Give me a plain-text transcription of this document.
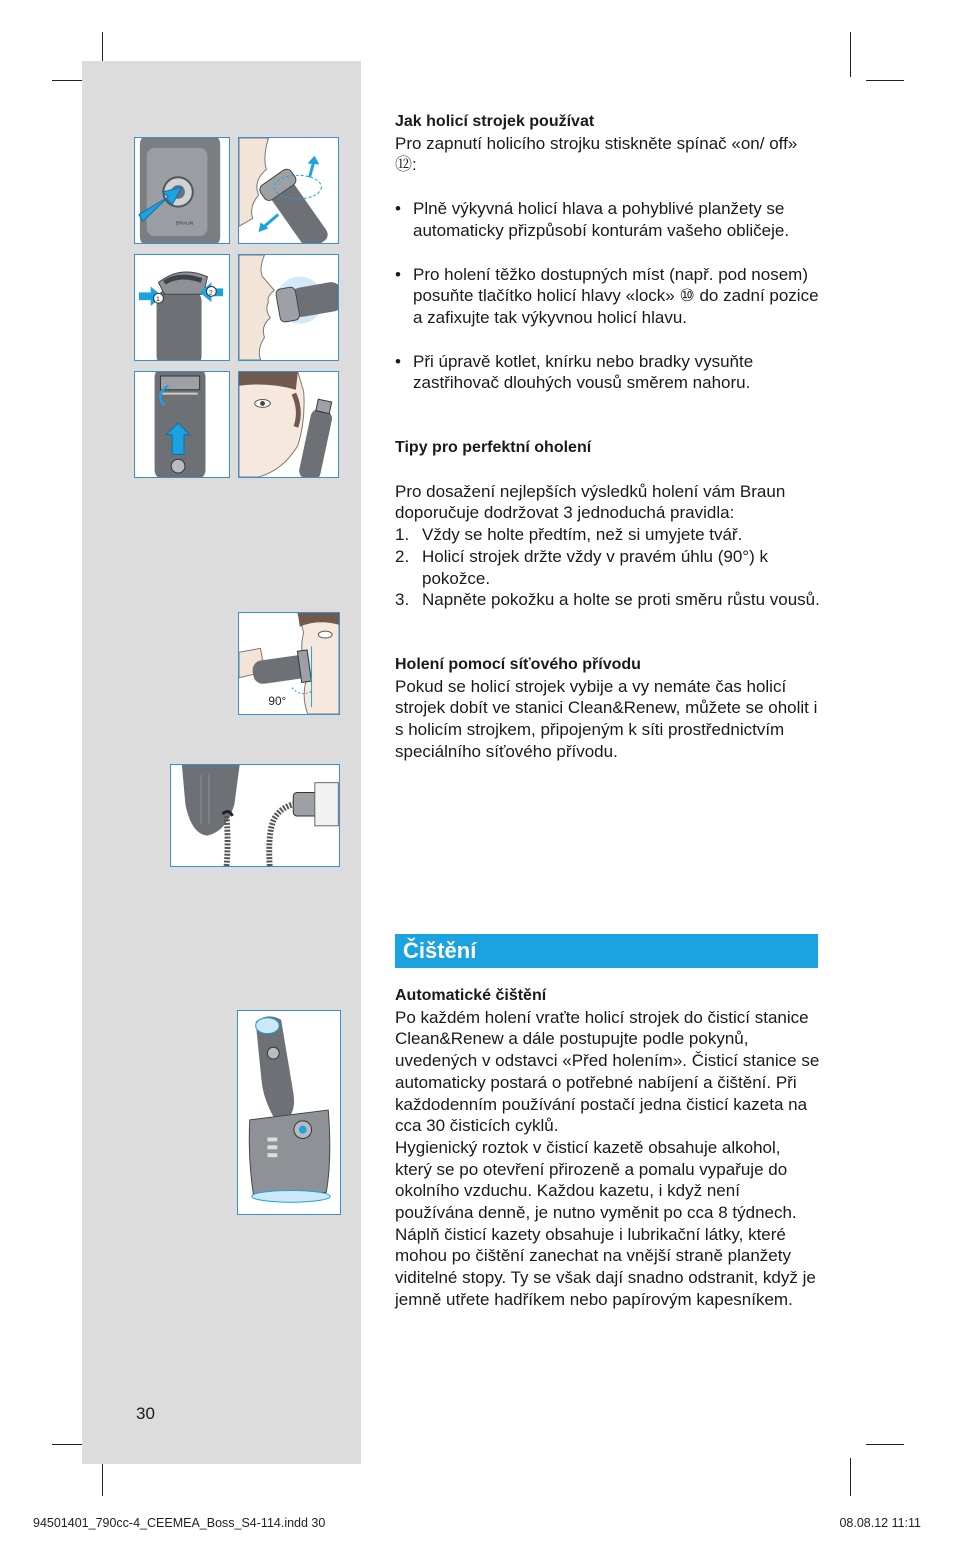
BRAUN
1
2
90°

Jak holicí strojek používat

Pro zapnutí holicího strojku stiskněte spínač «on/ off» ⑫:

• Plně výkyvná holicí hlava a pohyblivé planžety se automaticky přizpůsobí konturám vašeho obličeje.

• Pro holení těžko dostupných míst (např. pod nosem) posuňte tlačítko holicí hlavy «lock» ⑩ do zadní pozice a zafixujte tak výkyvnou holicí hlavu.

• Při úpravě kotlet, knírku nebo bradky vysuňte zastřihovač dlouhých vousů směrem nahoru.

Tipy pro perfektní oholení

Pro dosažení nejlepších výsledků holení vám Braun doporučuje dodržovat 3 jednoduchá pravidla:

1. Vždy se holte předtím, než si umyjete tvář.

2. Holicí strojek držte vždy v pravém úhlu (90°) k pokožce.

3. Napněte pokožku a holte se proti směru růstu vousů.

Holení pomocí síťového přívodu

Pokud se holicí strojek vybije a vy nemáte čas holicí strojek dobít ve stanici Clean&Renew, můžete se oholit i s holicím strojkem, připojeným k síti prostřednictvím speciálního síťového přívodu.

Čištění

Automatické čištění

Po každém holení vraťte holicí strojek do čisticí stanice Clean&Renew a dále postupujte podle pokynů, uvedených v odstavci «Před holením». Čisticí stanice se automaticky postará o potřebné nabíjení a čištění. Při každodenním používání postačí jedna čisticí kazeta na cca 30 čisticích cyklů.

Hygienický roztok v čisticí kazetě obsahuje alkohol, který se po otevření přirozeně a pomalu vypařuje do okolního vzduchu. Každou kazetu, i když není používána denně, je nutno vyměnit po cca 8 týdnech.

Náplň čisticí kazety obsahuje i lubrikační látky, které mohou po čištění zanechat na vnější straně planžety viditelné stopy. Ty se však dají snadno odstranit, když je jemně utřete hadříkem nebo papírovým kapesníkem.

30
94501401_790cc-4_CEEMEA_Boss_S4-114.indd 30	08.08.12 11:11
